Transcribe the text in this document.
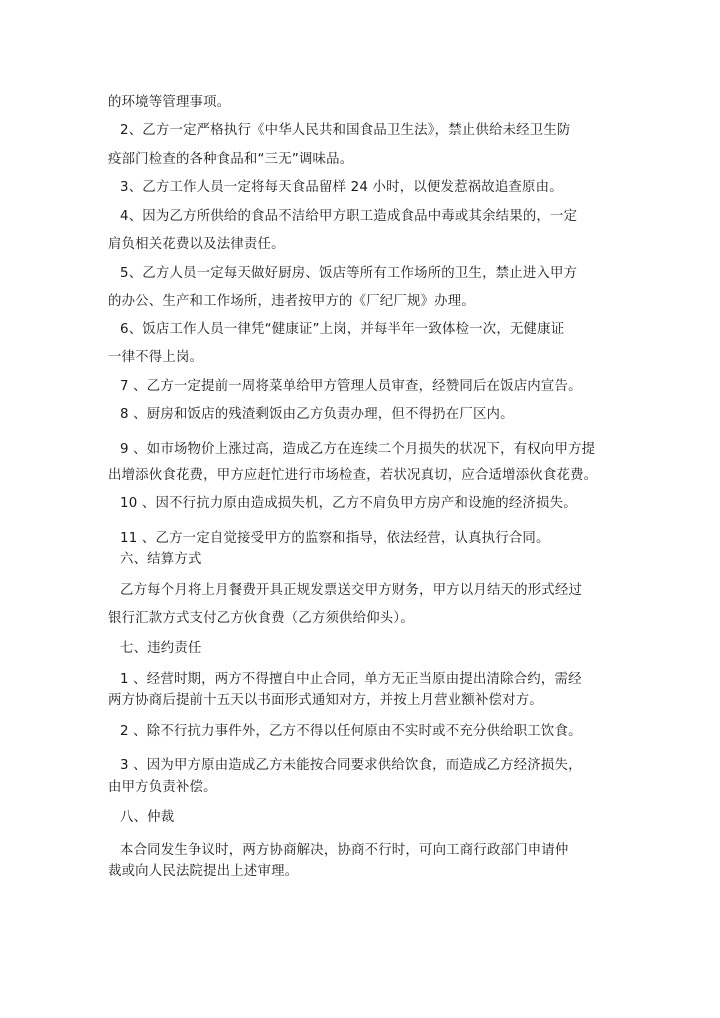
的环境等管理事项。
2、乙方一定严格执行《中华人民共和国食品卫生法》，禁止供给未经卫生防
疫部门检查的各种食品和“三无”调味品。
3、乙方工作人员一定将每天食品留样 24 小时，以便发惹祸故追查原由。
4、因为乙方所供给的食品不洁给甲方职工造成食品中毒或其余结果的，一定
肩负相关花费以及法律责任。
5、乙方人员一定每天做好厨房、饭店等所有工作场所的卫生，禁止进入甲方
的办公、生产和工作场所，违者按甲方的《厂纪厂规》办理。
6、饭店工作人员一律凭“健康证”上岗，并每半年一致体检一次，无健康证
一律不得上岗。
7 、乙方一定提前一周将菜单给甲方管理人员审查，经赞同后在饭店内宣告。
8 、厨房和饭店的残渣剩饭由乙方负责办理，但不得扔在厂区内。
9 、如市场物价上涨过高，造成乙方在连续二个月损失的状况下，有权向甲方提
出增添伙食花费，甲方应赶忙进行市场检查，若状况真切，应合适增添伙食花费。
10 、因不行抗力原由造成损失机，乙方不肩负甲方房产和设施的经济损失。
11 、乙方一定自觉接受甲方的监察和指导，依法经营，认真执行合同。
六、结算方式
乙方每个月将上月餐费开具正规发票送交甲方财务，甲方以月结天的形式经过
银行汇款方式支付乙方伙食费（乙方须供给仰头）。
七、违约责任
1 、经营时期，两方不得擅自中止合同，单方无正当原由提出清除合约，需经
两方协商后提前十五天以书面形式通知对方，并按上月营业额补偿对方。
2 、除不行抗力事件外，乙方不得以任何原由不实时或不充分供给职工饮食。
3 、因为甲方原由造成乙方未能按合同要求供给饮食，而造成乙方经济损失，
由甲方负责补偿。
八、仲裁
本合同发生争议时，两方协商解决，协商不行时，可向工商行政部门申请仲
裁或向人民法院提出上述审理。
